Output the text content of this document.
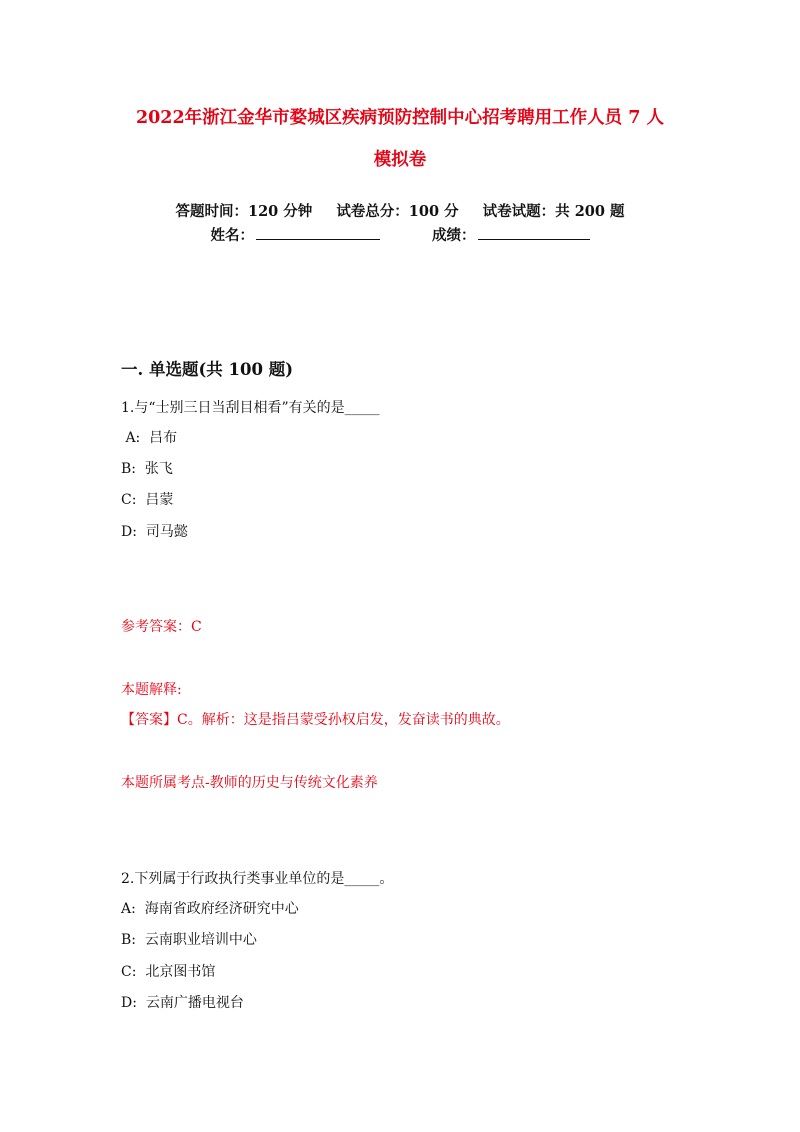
2022年浙江金华市婺城区疾病预防控制中心招考聘用工作人员 7 人
模拟卷
答题时间：120 分钟 试卷总分：100 分 试卷试题：共 200 题
姓名：	成绩：
一. 单选题(共 100 题)
1.与“士别三日当刮目相看”有关的是_____
A:  吕布
B:  张飞
C:  吕蒙
D:  司马懿
参考答案：C
本题解释:
【答案】C。解析：这是指吕蒙受孙权启发，发奋读书的典故。
本题所属考点-教师的历史与传统文化素养
2.下列属于行政执行类事业单位的是_____。
A:  海南省政府经济研究中心
B:  云南职业培训中心
C:  北京图书馆
D:  云南广播电视台
